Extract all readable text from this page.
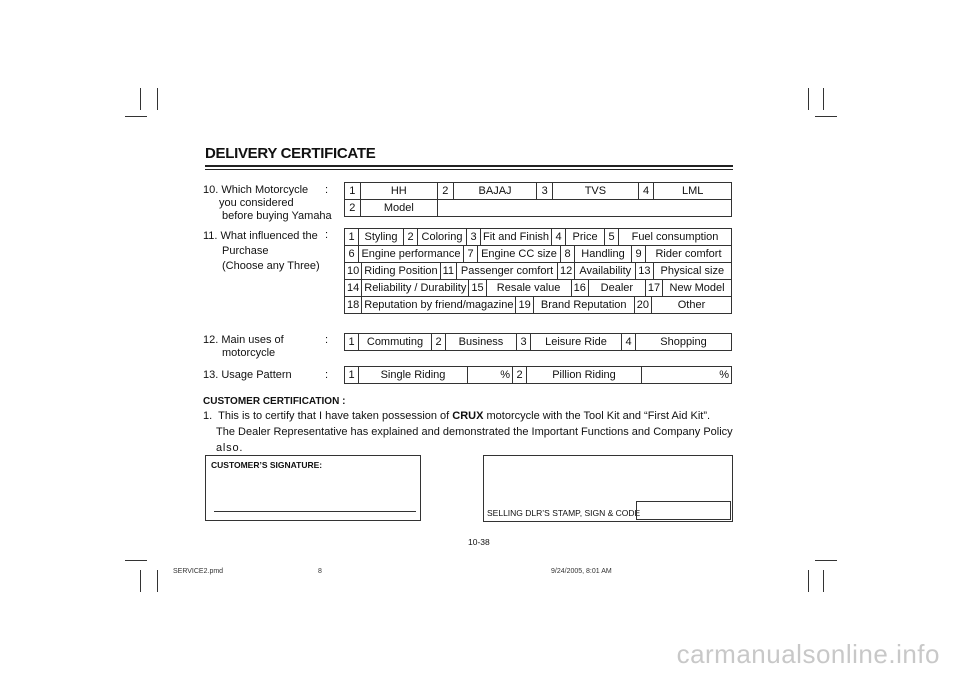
DELIVERY CERTIFICATE
10. Which Motorcycle
you considered
before buying Yamaha
: 1	HH	2	BAJAJ	3	TVS	4	LML
2	Model						
11. What influenced the
Purchase
(Choose any Three)
: 1	Styling	2	Coloring	3	Fit and Finish	4	Price	5	Fuel consumption
6	Engine performance	7	Engine CC size	8	Handling	9	Rider comfort
10	Riding Position	11	Passenger comfort	12	Availability	13	Physical size
14	Reliability / Durability	15	Resale value	16	Dealer	17	New Model
18	Reputation by friend/magazine	19	Brand Reputation	20	Other
12. Main uses of
motorcycle
: 1	Commuting	2	Business	3	Leisure Ride	4	Shopping
13. Usage Pattern	: 1	Single Riding	%	2	Pillion Riding	%
CUSTOMER CERTIFICATION :
1. This is to certify that I have taken possession of CRUX motorcycle with the Tool Kit and “First Aid Kit”.
The Dealer Representative has explained and demonstrated the Important Functions and Company Policy
also.
CUSTOMER’S SIGNATURE:
SELLING DLR’S STAMP, SIGN & CODE
10-38
SERVICE2.pmd	8	9/24/2005, 8:01 AM
carmanualsonline.info
